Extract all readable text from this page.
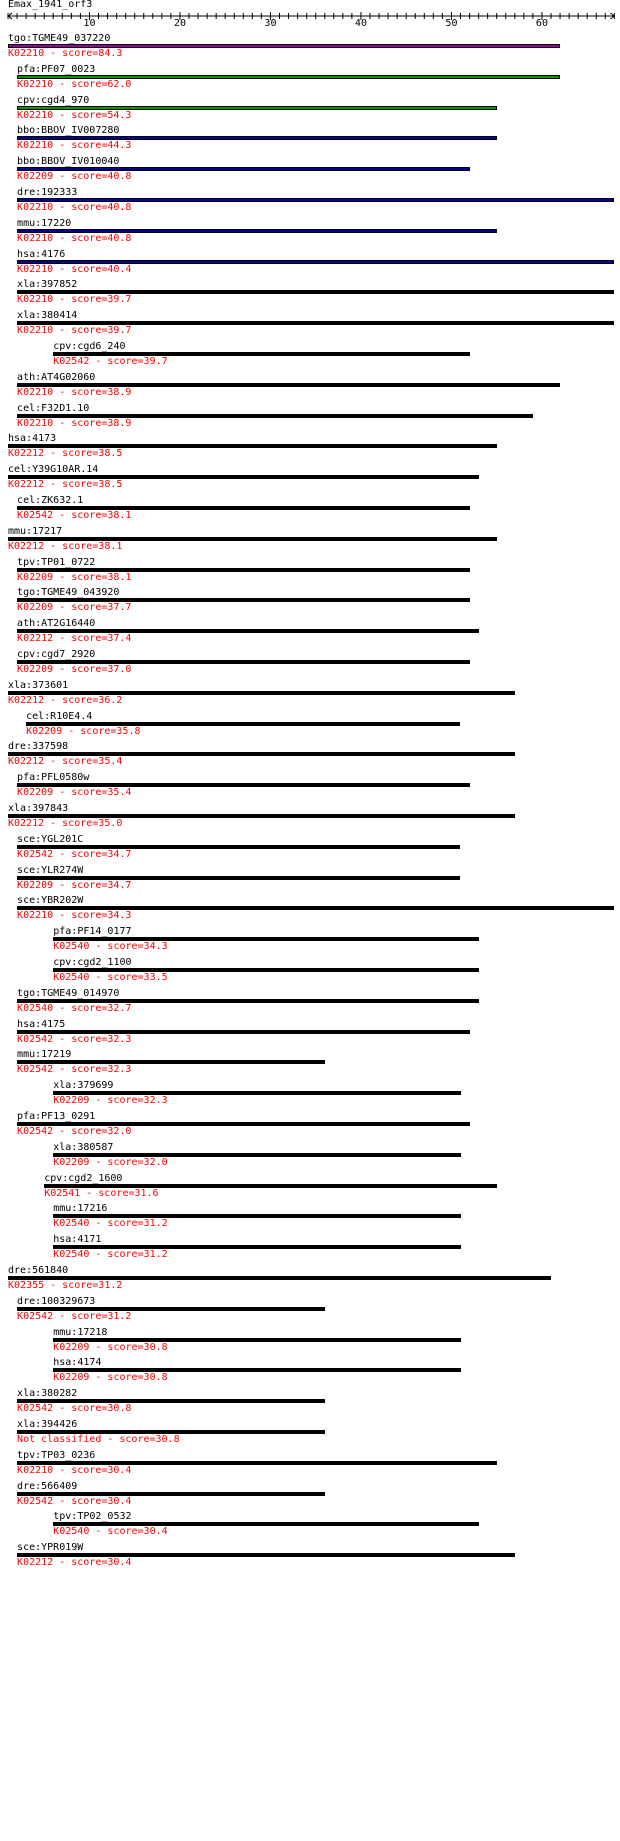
Emax_1941_orf3
10	20	30	40	50	60
tgo:TGME49_037220
K02210 - score=84.3
pfa:PF07_0023
K02210 - score=62.0
cpv:cgd4_970
K02210 - score=54.3
bbo:BBOV_IV007280
K02210 - score=44.3
bbo:BBOV_IV010040
K02209 - score=40.8
dre:192333
K02210 - score=40.8
mmu:17220
K02210 - score=40.8
hsa:4176
K02210 - score=40.4
xla:397852
K02210 - score=39.7
xla:380414
K02210 - score=39.7
cpv:cgd6_240
K02542 - score=39.7
ath:AT4G02060
K02210 - score=38.9
cel:F32D1.10
K02210 - score=38.9
hsa:4173
K02212 - score=38.5
cel:Y39G10AR.14
K02212 - score=38.5
cel:ZK632.1
K02542 - score=38.1
mmu:17217
K02212 - score=38.1
tpv:TP01_0722
K02209 - score=38.1
tgo:TGME49_043920
K02209 - score=37.7
ath:AT2G16440
K02212 - score=37.4
cpv:cgd7_2920
K02209 - score=37.0
xla:373601
K02212 - score=36.2
cel:R10E4.4
K02209 - score=35.8
dre:337598
K02212 - score=35.4
pfa:PFL0580w
K02209 - score=35.4
xla:397843
K02212 - score=35.0
sce:YGL201C
K02542 - score=34.7
sce:YLR274W
K02209 - score=34.7
sce:YBR202W
K02210 - score=34.3
pfa:PF14_0177
K02540 - score=34.3
cpv:cgd2_1100
K02540 - score=33.5
tgo:TGME49_014970
K02540 - score=32.7
hsa:4175
K02542 - score=32.3
mmu:17219
K02542 - score=32.3
xla:379699
K02209 - score=32.3
pfa:PF13_0291
K02542 - score=32.0
xla:380587
K02209 - score=32.0
cpv:cgd2_1600
K02541 - score=31.6
mmu:17216
K02540 - score=31.2
hsa:4171
K02540 - score=31.2
dre:561840
K02355 - score=31.2
dre:100329673
K02542 - score=31.2
mmu:17218
K02209 - score=30.8
hsa:4174
K02209 - score=30.8
xla:380282
K02542 - score=30.8
xla:394426
Not classified - score=30.8
tpv:TP03_0236
K02210 - score=30.4
dre:566409
K02542 - score=30.4
tpv:TP02_0532
K02540 - score=30.4
sce:YPR019W
K02212 - score=30.4
